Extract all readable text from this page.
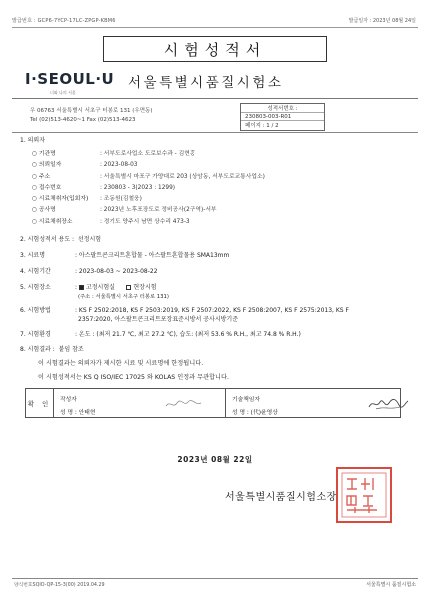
발급번호 : GCP6-7YCP-17LC-ZPGP-KBM6	발급일자 : 2023년 08월 24일
시험성적서
I·SEOUL·U
너와 나의 서울
서울특별시품질시험소
우 06763 서울특별시 서초구 터봉로 131 (우면동)
Tel (02)513-4620~1 Fax (02)513-4623
성적서번호 :
230803-003-R01
페이지 : 1 / 2
1. 의뢰자
○ 기관명	: 서부도로사업소 도로보수과 - 김현홍
○ 의뢰일자	: 2023-08-03
○ 주소	: 서울특별시 마포구 가양대로 203 (상암동, 서부도로교통사업소)
○ 접수번호	: 230803 - 3(2023 : 1299)
○ 시료채취자(입회자) : 조동원(김철웅)
○ 공사명	: 2023년 노후포장도로 정비공사(2구역)-서부
○ 시료채취장소	: 경기도 양주시 남면 상수리 473-3
2. 시험성적서 용도 : 선정시험
3. 시료명	: 아스팔트콘크리트혼합물 - 아스팔트혼합물용 SMA13mm
4. 시험기간	: 2023-08-03 ~ 2023-08-22
5. 시험장소	: 고정시험실	현장시험
(주소 : 서울특별시 서초구 터봉로 131)
6. 시험방법	: KS F 2502:2018, KS F 2503:2019, KS F 2507:2022, KS F 2508:2007, KS F 2575:2013, KS F
2357:2020, 아스팔트콘크리트포장표준시방서 공사시방기준
7. 시험환경	: 온도 : (최저 21.7 ℃, 최고 27.2 ℃), 습도: (최저 53.6 % R.H., 최고 74.8 % R.H.)
8. 시험결과 : 붙임 참조
이 시험결과는 의뢰자가 제시한 시료 및 시료명에 한정됩니다.
이 시험성적서는 KS Q ISO/IEC 17025 와 KOLAS 인정과 무관합니다.
확 인	작성자
성 명 : 안태현
기술책임자
성 명 : (代)윤영상
2023년 08월 22일
서울특별시품질시험소장
양식번호SQIO-QP-15-3(00) 2019.04.29	서울특별시 품질시험소
